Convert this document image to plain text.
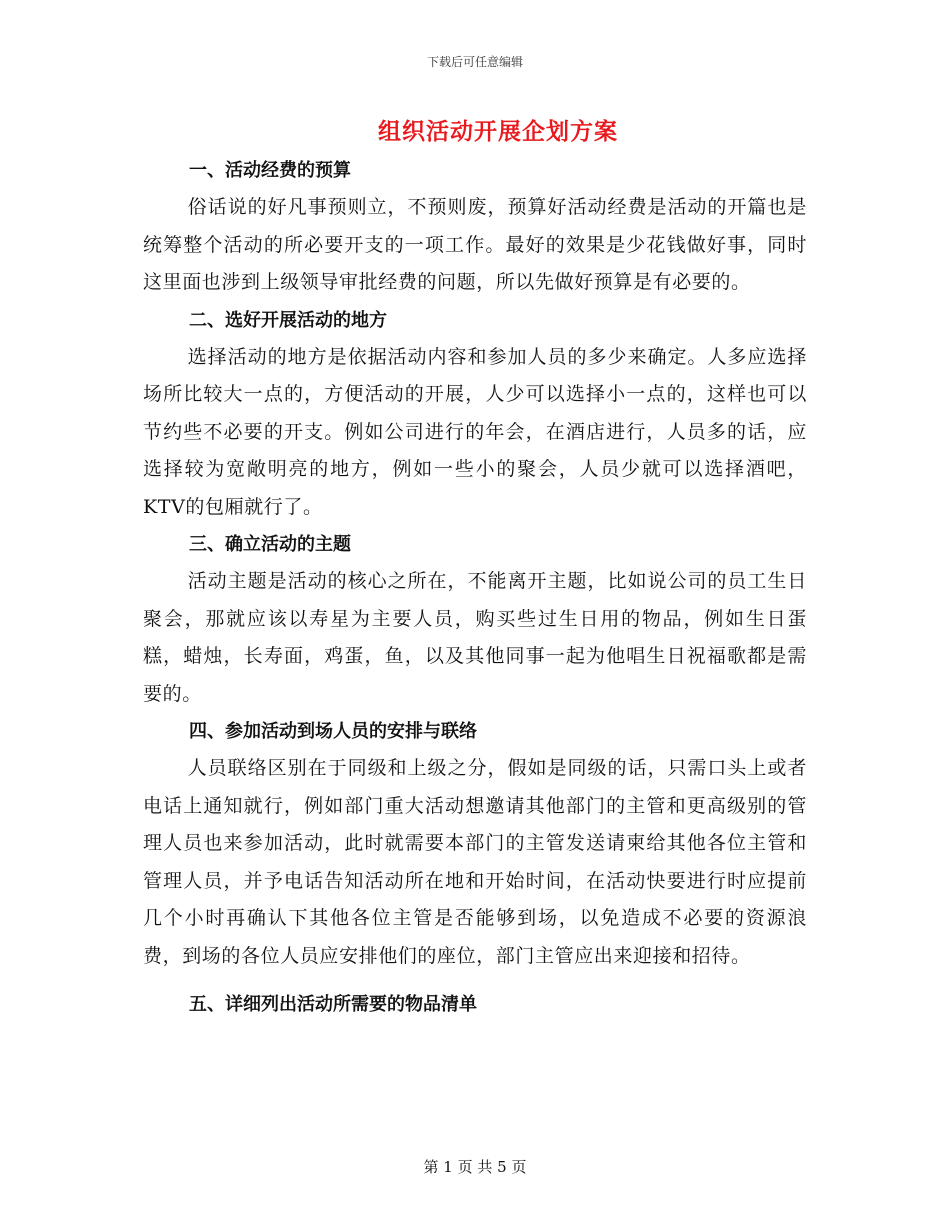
下载后可任意编辑
组织活动开展企划方案
一、活动经费的预算
俗话说的好凡事预则立，不预则废，预算好活动经费是活动的开篇也是统筹整个活动的所必要开支的一项工作。最好的效果是少花钱做好事，同时这里面也涉到上级领导审批经费的问题，所以先做好预算是有必要的。
二、选好开展活动的地方
选择活动的地方是依据活动内容和参加人员的多少来确定。人多应选择场所比较大一点的，方便活动的开展，人少可以选择小一点的，这样也可以节约些不必要的开支。例如公司进行的年会，在酒店进行，人员多的话，应选择较为宽敞明亮的地方，例如一些小的聚会，人员少就可以选择酒吧，KTV的包厢就行了。
三、确立活动的主题
活动主题是活动的核心之所在，不能离开主题，比如说公司的员工生日聚会，那就应该以寿星为主要人员，购买些过生日用的物品，例如生日蛋糕，蜡烛，长寿面，鸡蛋，鱼，以及其他同事一起为他唱生日祝福歌都是需要的。
四、参加活动到场人员的安排与联络
人员联络区别在于同级和上级之分，假如是同级的话，只需口头上或者电话上通知就行，例如部门重大活动想邀请其他部门的主管和更高级别的管理人员也来参加活动，此时就需要本部门的主管发送请柬给其他各位主管和管理人员，并予电话告知活动所在地和开始时间，在活动快要进行时应提前几个小时再确认下其他各位主管是否能够到场，以免造成不必要的资源浪费，到场的各位人员应安排他们的座位，部门主管应出来迎接和招待。
五、详细列出活动所需要的物品清单
第 1 页 共 5 页
